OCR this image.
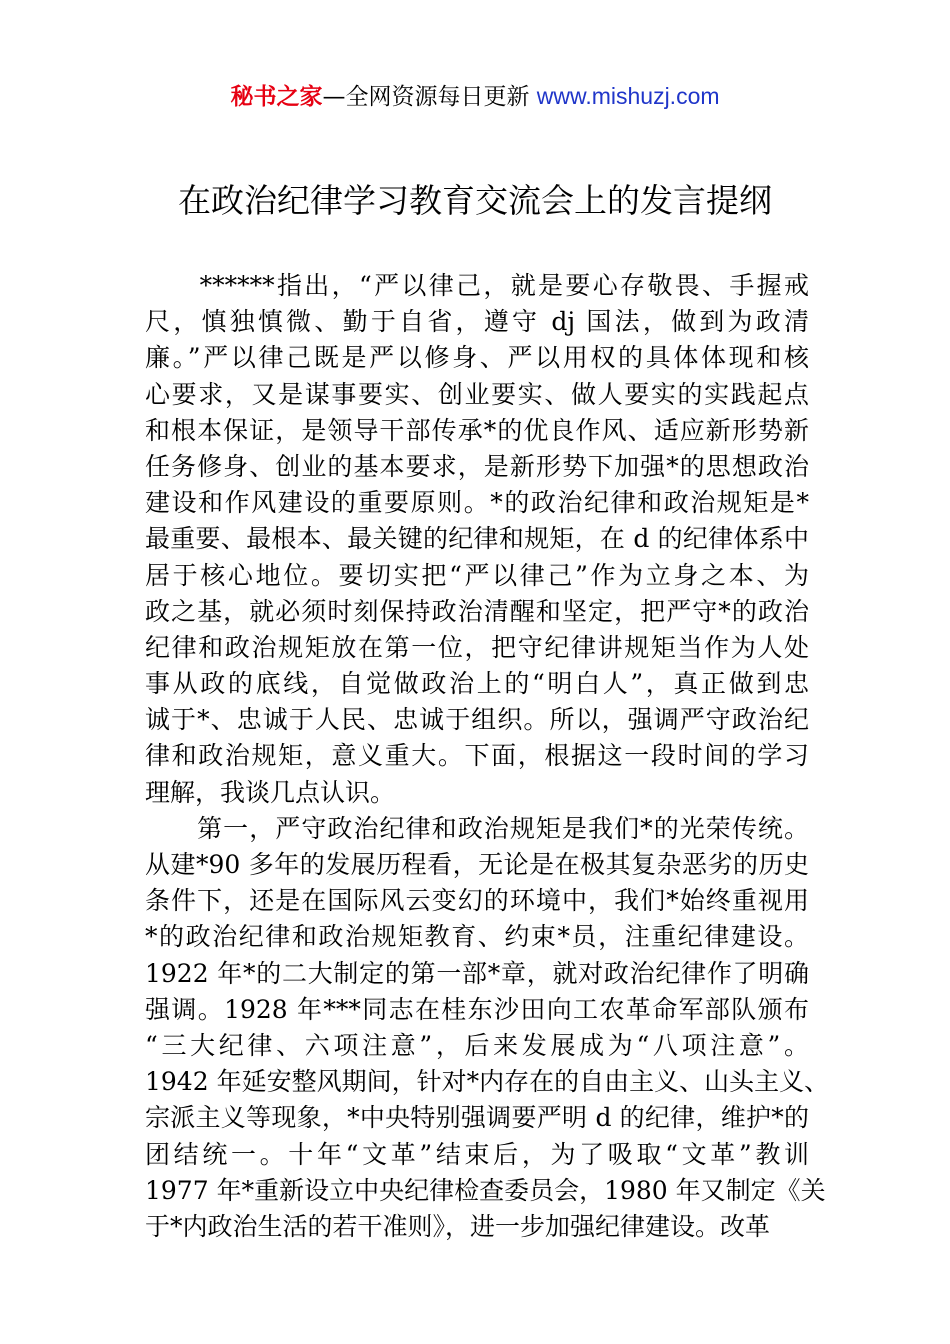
秘书之家—全网资源每日更新 www.mishuzj.com
在政治纪律学习教育交流会上的发言提纲
　　******指出，“严以律己，就是要心存敬畏、手握戒
尺，慎独慎微、勤于自省，遵守 dj 国法，做到为政清
廉。”严以律己既是严以修身、严以用权的具体体现和核
心要求，又是谋事要实、创业要实、做人要实的实践起点
和根本保证，是领导干部传承*的优良作风、适应新形势新
任务修身、创业的基本要求，是新形势下加强*的思想政治
建设和作风建设的重要原则。*的政治纪律和政治规矩是*
最重要、最根本、最关键的纪律和规矩，在 d 的纪律体系中
居于核心地位。要切实把“严以律己”作为立身之本、为
政之基，就必须时刻保持政治清醒和坚定，把严守*的政治
纪律和政治规矩放在第一位，把守纪律讲规矩当作为人处
事从政的底线，自觉做政治上的“明白人”，真正做到忠
诚于*、忠诚于人民、忠诚于组织。所以，强调严守政治纪
律和政治规矩，意义重大。下面，根据这一段时间的学习
理解，我谈几点认识。
　　第一，严守政治纪律和政治规矩是我们*的光荣传统。
从建*90 多年的发展历程看，无论是在极其复杂恶劣的历史
条件下，还是在国际风云变幻的环境中，我们*始终重视用
*的政治纪律和政治规矩教育、约束*员，注重纪律建设。
1922 年*的二大制定的第一部*章，就对政治纪律作了明确
强调。1928 年***同志在桂东沙田向工农革命军部队颁布
“三大纪律、六项注意”，后来发展成为“八项注意”。
1942 年延安整风期间，针对*内存在的自由主义、山头主义、
宗派主义等现象，*中央特别强调要严明 d 的纪律，维护*的
团结统一。十年“文革”结束后，为了吸取“文革”教训
1977 年*重新设立中央纪律检查委员会，1980 年又制定《关
于*内政治生活的若干准则》，进一步加强纪律建设。改革
